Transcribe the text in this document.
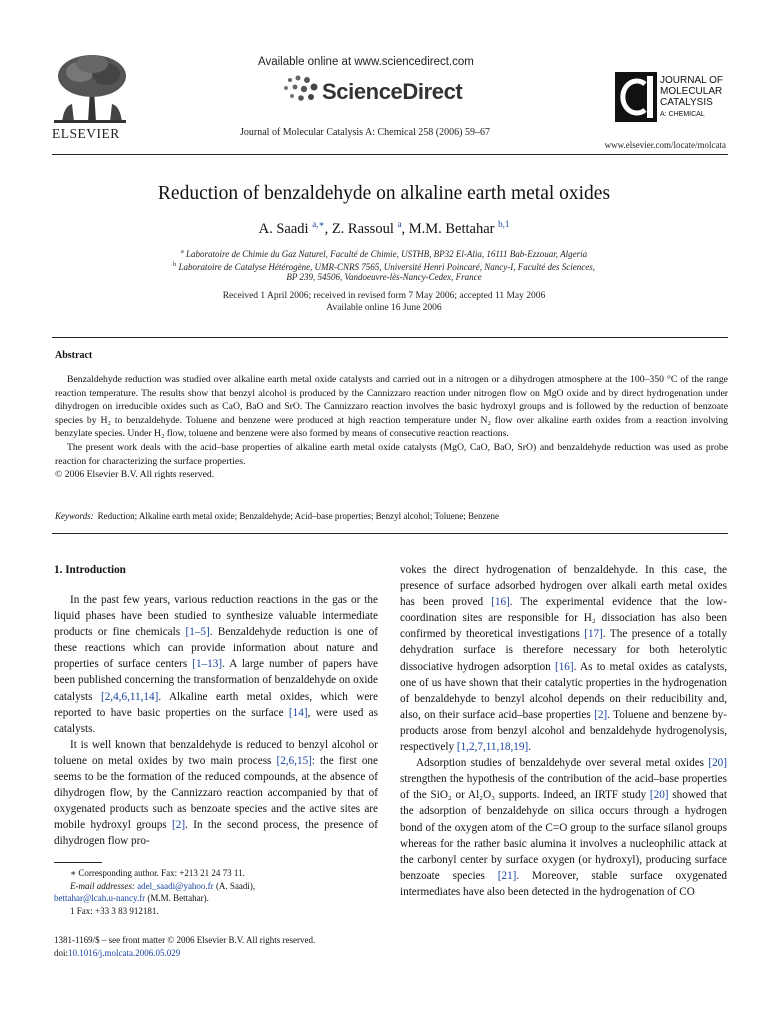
ELSEVIER
Available online at www.sciencedirect.com
ScienceDirect
Journal of Molecular Catalysis A: Chemical 258 (2006) 59–67
JOURNAL OF
MOLECULAR
CATALYSIS
A: CHEMICAL
www.elsevier.com/locate/molcata
Reduction of benzaldehyde on alkaline earth metal oxides
A. Saadi $^{a,∗}$, Z. Rassoul $^a$, M.M. Bettahar $^{b,1}$
$^a$ Laboratoire de Chimie du Gaz Naturel, Faculté de Chimie, USTHB, BP32 El-Alia, 16111 Bab-Ezzouar, Algeria
$^b$ Laboratoire de Catalyse Hétérogène, UMR-CNRS 7565, Université Henri Poincaré, Nancy-I, Faculté des Sciences,
BP 239, 54506, Vandoeuvre-lès-Nancy-Cedex, France
Received 1 April 2006; received in revised form 7 May 2006; accepted 11 May 2006
Available online 16 June 2006
Abstract

Benzaldehyde reduction was studied over alkaline earth metal oxide catalysts and carried out in a nitrogen or a dihydrogen atmosphere at the 100–350 °C of the range reaction temperature. The results show that benzyl alcohol is produced by the Cannizzaro reaction under nitrogen flow on MgO oxide and by direct hydrogenation under dihydrogen on irreducible oxides such as CaO, BaO and SrO. The Cannizzaro reaction involves the basic hydroxyl groups and is followed by the reduction of benzoate species by H₂ to benzaldehyde. Toluene and benzene were produced at high reaction temperature under N₂ flow over alkaline earth oxides from a reaction involving benzylate species. Under H₂ flow, toluene and benzene were also formed by means of consecutive reaction reactions.

The present work deals with the acid–base properties of alkaline earth metal oxide catalysts (MgO, CaO, BaO, SrO) and benzaldehyde reduction was used as probe reaction for characterizing the surface properties.

© 2006 Elsevier B.V. All rights reserved.

Keywords: Reduction; Alkaline earth metal oxide; Benzaldehyde; Acid–base properties; Benzyl alcohol; Toluene; Benzene
1. Introduction

In the past few years, various reduction reactions in the gas or the liquid phases have been studied to synthesize valuable intermediate products or fine chemicals [1–5]. Benzaldehyde reduction is one of these reactions which can provide information about nature and properties of surface centers [1–13]. A large number of papers have been published concerning the transformation of benzaldehyde on oxide catalysts [2,4,6,11,14]. Alkaline earth metal oxides, which were reported to have basic properties on the surface [14], were used as catalysts.

It is well known that benzaldehyde is reduced to benzyl alcohol or toluene on metal oxides by two main process [2,6,15]: the first one seems to be the formation of the reduced compounds, at the absence of dihydrogen flow, by the Cannizzaro reaction accompanied by that of oxygenated products such as benzoate species and the active sites are mobile hydroxyl groups [2]. In the second process, the presence of dihydrogen flow pro-

vokes the direct hydrogenation of benzaldehyde. In this case, the presence of surface adsorbed hydrogen over alkali earth metal oxides has been proved [16]. The experimental evidence that the low-coordination sites are responsible for H₂ dissociation has also been confirmed by theoretical investigations [17]. The presence of a totally dehydration surface is therefore necessary for both heterolytic dissociative hydrogen adsorption [16]. As to metal oxides as catalysts, one of us have shown that their catalytic properties in the hydrogenation of benzaldehyde to benzyl alcohol depends on their reducibility and, also, on their surface acid–base properties [2]. Toluene and benzene by-products arose from benzyl alcohol and benzaldehyde hydrogenolysis, respectively [1,2,7,11,18,19].

Adsorption studies of benzaldehyde over several metal oxides [20] strengthen the hypothesis of the contribution of the acid–base properties of the SiO₂ or Al₂O₃ supports. Indeed, an IRTF study [20] showed that the adsorption of benzaldehyde on silica occurs through a hydrogen bond of the oxygen atom of the C=O group to the surface silanol groups whereas for the rather basic alumina it involves a nucleophilic attack at the carbonyl center by surface oxygen (or hydroxyl), producing surface benzoate species [21]. Moreover, stable surface oxygenated intermediates have also been detected in the hydrogenation of CO

∗ Corresponding author. Fax: +213 21 24 73 11.
E-mail addresses: adel_saadi@yahoo.fr (A. Saadi),
bettahar@lcah.u-nancy.fr (M.M. Bettahar).
1 Fax: +33 3 83 912181.
1381-1169/$ – see front matter © 2006 Elsevier B.V. All rights reserved.
doi:10.1016/j.molcata.2006.05.029
